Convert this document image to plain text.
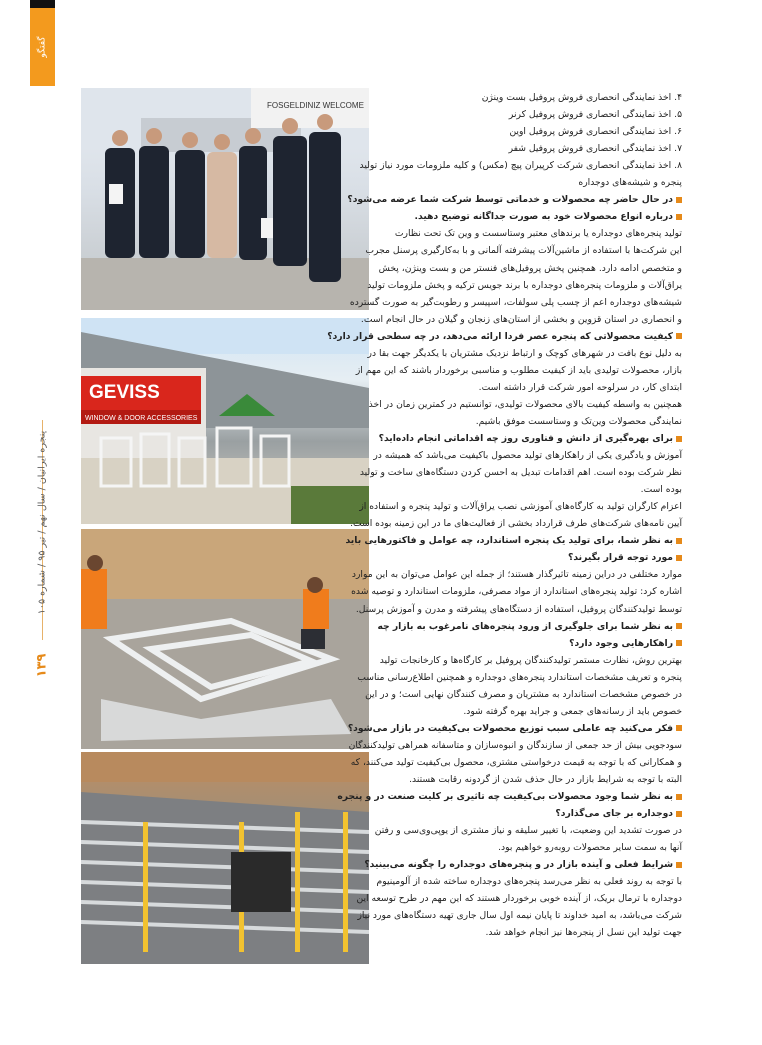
گفتگو
پنجره ایرانیان / سال نهم / تیر ۹۵ / شماره ۱۰۵
۱۳۹
FOSGELDINIZ WELCOME
GEVISS
WINDOW & DOOR ACCESSORIES
۴. اخذ نمایندگی انحصاری فروش پروفیل بست وینژن
۵. اخذ نمایندگی انحصاری فروش پروفیل کرنر
۶. اخذ نمایندگی انحصاری فروش پروفیل اوین
۷. اخذ نمایندگی انحصاری فروش پروفیل شفر
۸. اخذ نمایندگی انحصاری شرکت کرپیران پیچ (مکس) و کلیه ملزومات مورد نیاز تولید
پنجره و شیشه‌های دوجداره
در حال حاضر چه محصولات و خدماتی توسط شرکت شما عرضه می‌شود؟
درباره انواع محصولات خود به صورت جداگانه توضیح دهید.
تولید پنجره‌های دوجداره یا برندهای معتبر وستاسست و وین تک تحت نظارت
این شرکت‌ها با استفاده از ماشین‌آلات پیشرفته آلمانی و با به‌کارگیری پرسنل مجرب
و متخصص ادامه دارد. همچنین پخش پروفیل‌های فنستر من و بست وینژن، پخش
یراق‌آلات و ملزومات پنجره‌های دوجداره با برند جویس ترکیه و پخش ملزومات تولید
شیشه‌های دوجداره اعم از چسب پلی سولفات، اسپیسر و رطوبت‌گیر به صورت گسترده
و انحصاری در استان قزوین و بخشی از استان‌های زنجان و گیلان در حال انجام است.
کیفیت محصولاتی که پنجره عصر فردا ارائه می‌دهد، در چه سطحی قرار دارد؟
به دلیل نوع بافت در شهرهای کوچک و ارتباط نزدیک مشتریان با یکدیگر جهت بقا در
بازار، محصولات تولیدی باید از کیفیت مطلوب و مناسبی برخوردار باشند که این مهم از
ابتدای کار، در سرلوحه امور شرکت قرار داشته است.
همچنین به واسطه کیفیت بالای محصولات تولیدی، توانستیم در کمترین زمان در اخذ
نمایندگی محصولات وین‌تک و وستاسست موفق باشیم.
برای بهره‌گیری از دانش و فناوری روز چه اقداماتی انجام داده‌اید؟
آموزش و یادگیری یکی از راهکارهای تولید محصول باکیفیت می‌باشد که همیشه در
نظر شرکت بوده است. اهم اقدامات تبدیل به احسن کردن دستگاه‌های ساخت و تولید
بوده است.
اعزام کارگران تولید به کارگاه‌های آموزشی نصب یراق‌آلات و تولید پنجره و استفاده از
آیین نامه‌های شرکت‌های طرف قرارداد بخشی از فعالیت‌های ما در این زمینه بوده است.
به نظر شما، برای تولید یک پنجره استاندارد، چه عوامل و فاکتورهایی باید
مورد توجه قرار بگیرند؟
موارد مختلفی در دراین زمینه تاثیرگذار هستند؛ از جمله این عوامل می‌توان به این موارد
اشاره کرد: تولید پنجره‌های استاندارد از مواد مصرفی، ملزومات استاندارد و توصیه شده
توسط تولیدکنندگان پروفیل، استفاده از دستگاه‌های پیشرفته و مدرن و آموزش پرسنل.
به نظر شما برای جلوگیری از ورود پنجره‌های نامرغوب به بازار چه
راهکارهایی وجود دارد؟
بهترین روش، نظارت مستمر تولیدکنندگان پروفیل بر کارگاه‌ها و کارخانجات تولید
پنجره و تعریف مشخصات استاندارد پنجره‌های دوجداره و همچنین اطلاع‌رسانی مناسب
در خصوص مشخصات استاندارد به مشتریان و مصرف کنندگان نهایی است؛ و در این
خصوص باید از رسانه‌های جمعی و جراید بهره گرفته شود.
فکر می‌کنید چه عاملی سبب توزیع محصولات بی‌کیفیت در بازار می‌شود؟
سودجویی بیش از حد جمعی از سازندگان و انبوه‌سازان و متاسفانه همراهی تولیدکنندگان
و همکارانی که با توجه به قیمت درخواستی مشتری، محصول بی‌کیفیت تولید می‌کنند، که
البته با توجه به شرایط بازار در حال حذف شدن از گردونه رقابت هستند.
به نظر شما وجود محصولات بی‌کیفیت چه تاثیری بر کلیت صنعت در و پنجره
دوجداره بر جای می‌گذارد؟
در صورت تشدید این وضعیت، با تغییر سلیقه و نیاز مشتری از یوپی‌وی‌سی و رفتن
آنها به سمت سایر محصولات روبه‌رو خواهیم بود.
شرایط فعلی و آینده بازار در و پنجره‌های دوجداره را چگونه می‌بینید؟
با توجه به روند فعلی به نظر می‌رسد پنجره‌های دوجداره ساخته شده از آلومینیوم
دوجداره با ترمال بریک، از آینده خوبی برخوردار هستند که این مهم در طرح توسعه این
شرکت می‌باشد، به امید خداوند تا پایان نیمه اول سال جاری تهیه دستگاه‌های مورد نیاز
جهت تولید این نسل از پنجره‌ها نیز انجام خواهد شد.
